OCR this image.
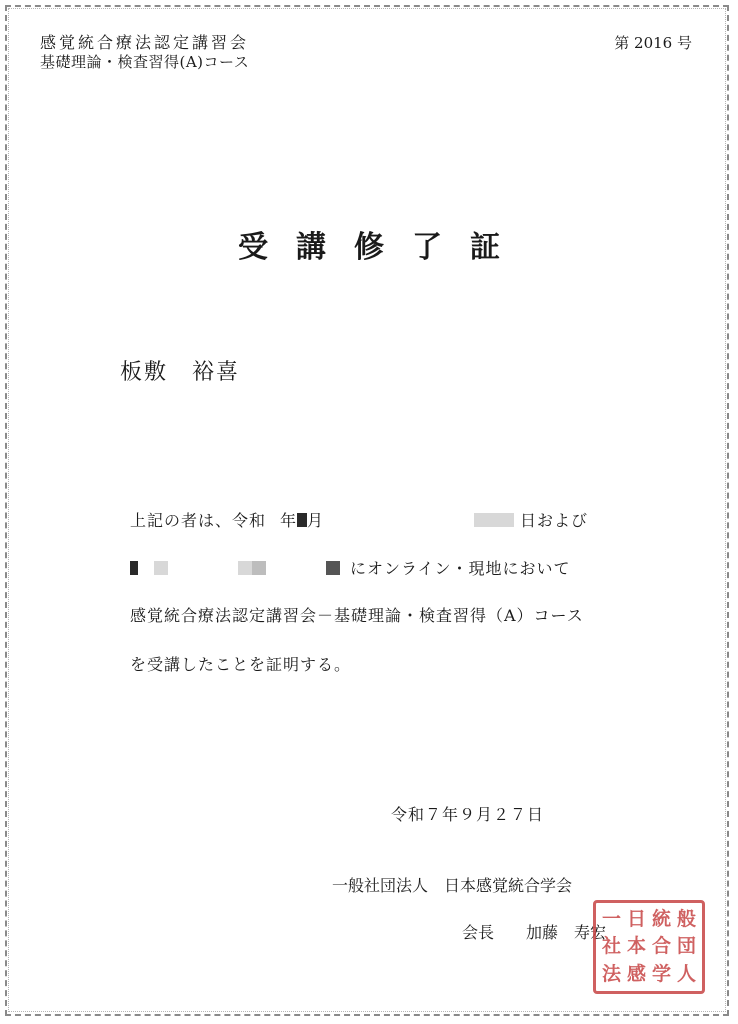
感覚統合療法認定講習会
基礎理論・検査習得(A)コース
第 2016 号
受講修了証
板敷　裕喜
上記の者は、令和 年 月	日および
にオンライン・現地において
感覚統合療法認定講習会－基礎理論・検査習得（A）コース
を受講したことを証明する。
令和７年９月２７日
一般社団法人　日本感覚統合学会
会長　　加藤　寿宏
一 日 統 般
社 本 合 団
法 感 学 人
